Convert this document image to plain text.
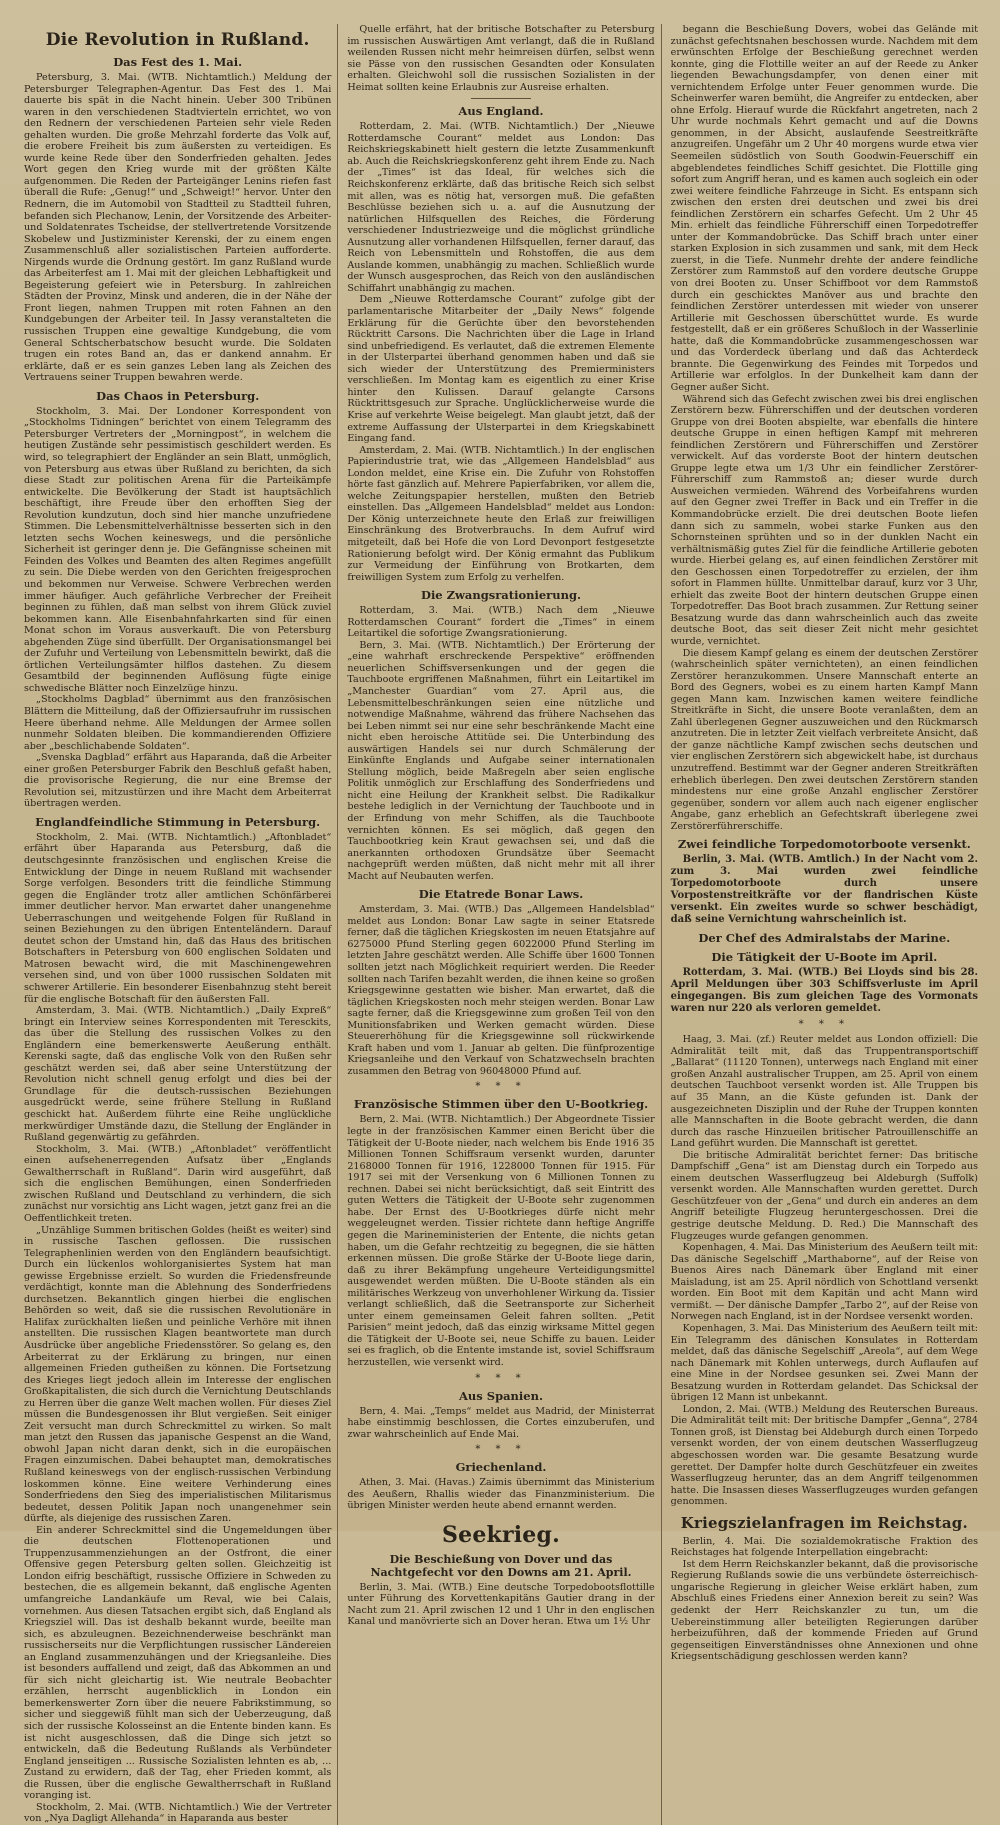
Die Revolution in Rußland.
Das Fest des 1. Mai.

Petersburg, 3. Mai. (WTB. Nichtamtlich.) Meldung der Petersburger Telegraphen-Agentur. Das Fest des 1. Mai dauerte bis spät in die Nacht hinein. Ueber 300 Tribünen waren in den verschiedenen Stadtvierteln errichtet, wo von den Rednern der verschiedenen Parteien sehr viele Reden gehalten wurden. Die große Mehrzahl forderte das Volk auf, die erobere Freiheit bis zum äußersten zu verteidigen. Es wurde keine Rede über den Sonderfrieden gehalten. Jedes Wort gegen den Krieg wurde mit der größten Kälte aufgenommen. Die Reden der Parteigänger Lenins riefen fast überall die Rufe: „Genug!“ und „Schweigt!“ hervor. Unter den Rednern, die im Automobil von Stadtteil zu Stadtteil fuhren, befanden sich Plechanow, Lenin, der Vorsitzende des Arbeiter- und Soldatenrates Tscheidse, der stellvertretende Vorsitzende Skobelew und Justizminister Kerenski, der zu einem engen Zusammenschluß aller sozialistischen Parteien aufforderte. Nirgends wurde die Ordnung gestört. Im ganz Rußland wurde das Arbeiterfest am 1. Mai mit der gleichen Lebhaftigkeit und Begeisterung gefeiert wie in Petersburg. In zahlreichen Städten der Provinz, Minsk und anderen, die in der Nähe der Front liegen, nahmen Truppen mit roten Fahnen an den Kundgebungen der Arbeiter teil. In Jassy veranstalteten die russischen Truppen eine gewaltige Kundgebung, die vom General Schtscherbatschow besucht wurde. Die Soldaten trugen ein rotes Band an, das er dankend annahm. Er erklärte, daß er es sein ganzes Leben lang als Zeichen des Vertrauens seiner Truppen bewahren werde.

Das Chaos in Petersburg.

Stockholm, 3. Mai. Der Londoner Korrespondent von „Stockholms Tidningen“ berichtet von einem Telegramm des Petersburger Vertreters der „Morningpost“, in welchem die heutigen Zustände sehr pessimistisch geschildert werden. Es wird, so telegraphiert der Engländer an sein Blatt, unmöglich, von Petersburg aus etwas über Rußland zu berichten, da sich diese Stadt zur politischen Arena für die Parteikämpfe entwickelte. Die Bevölkerung der Stadt ist hauptsächlich beschäftigt, ihre Freude über den erhofften Sieg der Revolution kundzutun, doch sind hier manche unzufriedene Stimmen. Die Lebensmittelverhältnisse besserten sich in den letzten sechs Wochen keineswegs, und die persönliche Sicherheit ist geringer denn je. Die Gefängnisse scheinen mit Feinden des Volkes und Beamten des alten Regimes angefüllt zu sein. Die Diebe werden von den Gerichten freigesprochen und bekommen nur Verweise. Schwere Verbrechen werden immer häufiger. Auch gefährliche Verbrecher der Freiheit beginnen zu fühlen, daß man selbst von ihrem Glück zuviel bekommen kann. Alle Eisenbahnfahrkarten sind für einen Monat schon im Voraus ausverkauft. Die von Petersburg abgehenden Züge sind überfüllt. Der Organisationsmangel bei der Zufuhr und Verteilung von Lebensmitteln bewirkt, daß die örtlichen Verteilungsämter hilflos dastehen. Zu diesem Gesamtbild der beginnenden Auflösung fügte einige schwedische Blätter noch Einzelzüge hinzu.

„Stockholms Dagblad“ übernimmt aus den französischen Blättern die Mitteilung, daß der Offiziersaufruhr im russischen Heere überhand nehme. Alle Meldungen der Armee sollen nunmehr Soldaten bleiben. Die kommandierenden Offiziere aber „beschlichabende Soldaten“.

„Svenska Dagblad“ erfährt aus Haparanda, daß die Arbeiter einer großen Petersburger Fabrik den Beschluß gefaßt haben, die provisorische Regierung, die nur eine Bremse der Revolution sei, mitzustürzen und ihre Macht dem Arbeiterrat übertragen werden.

Englandfeindliche Stimmung in Petersburg.

Stockholm, 2. Mai. (WTB. Nichtamtlich.) „Aftonbladet“ erfährt über Haparanda aus Petersburg, daß die deutschgesinnte französischen und englischen Kreise die Entwicklung der Dinge in neuem Rußland mit wachsender Sorge verfolgen. Besonders tritt die feindliche Stimmung gegen die Engländer trotz aller amtlichen Schönfärberei immer deutlicher hervor. Man erwartet daher unangenehme Ueberraschungen und weitgehende Folgen für Rußland in seinen Beziehungen zu den übrigen Ententeländern. Darauf deutet schon der Umstand hin, daß das Haus des britischen Botschafters in Petersburg von 600 englischen Soldaten und Matrosen bewacht wird, die mit Maschinengewehren versehen sind, und von über 1000 russischen Soldaten mit schwerer Artillerie. Ein besonderer Eisenbahnzug steht bereit für die englische Botschaft für den äußersten Fall.

Amsterdam, 3. Mai. (WTB. Nichtamtlich.) „Daily Expreß“ bringt ein Interview seines Korrespondenten mit Teresckits, das über die Stellung des russischen Volkes zu den Engländern eine bemerkenswerte Aeußerung enthält. Kerenski sagte, daß das englische Volk von den Rußen sehr geschätzt werden sei, daß aber seine Unterstützung der Revolution nicht schnell genug erfolgt und dies bei der Grundlage für die deutsch-russischen Beziehungen ausgedrückt werde, seine frühere Stellung in Rußland geschickt hat. Außerdem führte eine Reihe unglückliche merkwürdiger Umstände dazu, die Stellung der Engländer in Rußland gegenwärtig zu gefährden.

Stockholm, 3. Mai. (WTB.) „Aftonbladet“ veröffentlicht einen aufsehenerregenden Aufsatz über „Englands Gewaltherrschaft in Rußland“. Darin wird ausgeführt, daß sich die englischen Bemühungen, einen Sonderfrieden zwischen Rußland und Deutschland zu verhindern, die sich zunächst nur vorsichtig ans Licht wagen, jetzt ganz frei an die Oeffentlichkeit treten.

„Unzählige Summen britischen Goldes (heißt es weiter) sind in russische Taschen geflossen. Die russischen Telegraphenlinien werden von den Engländern beaufsichtigt. Durch ein lückenlos wohlorganisiertes System hat man gewisse Ergebnisse erzielt. So wurden die Friedensfreunde verdächtigt, konnte man die Ablehnung des Sonderfriedens durchsetzen. Bekanntlich gingen hierbei die englischen Behörden so weit, daß sie die russischen Revolutionäre in Halifax zurückhalten ließen und peinliche Verhöre mit ihnen anstellten. Die russischen Klagen beantwortete man durch Ausdrücke über angebliche Friedensstörer. So gelang es, den Arbeiterrat zu der Erklärung zu bringen, nur einen allgemeinen Frieden gutheißen zu können. Die Fortsetzung des Krieges liegt jedoch allein im Interesse der englischen Großkapitalisten, die sich durch die Vernichtung Deutschlands zu Herren über die ganze Welt machen wollen. Für dieses Ziel müssen die Bundesgenossen ihr Blut vergießen. Seit einiger Zeit versucht man durch Schreckmittel zu wirken. So malt man jetzt den Russen das japanische Gespenst an die Wand, obwohl Japan nicht daran denkt, sich in die europäischen Fragen einzumischen. Dabei behauptet man, demokratisches Rußland keineswegs von der englisch-russischen Verbindung loskommen könne. Eine weitere Verhinderung eines Sonderfriedens den Sieg des imperialistischen Militarismus bedeutet, dessen Politik Japan noch unangenehmer sein dürfte, als diejenige des russischen Zaren.

Ein anderer Schreckmittel sind die Ungemeldungen über die deutschen Flottenoperationen und Truppenzusammenziehungen an der Ostfront, die einer Offensive gegen Petersburg gelten sollen. Gleichzeitig ist London eifrig beschäftigt, russische Offiziere in Schweden zu bestechen, die es allgemein bekannt, daß englische Agenten umfangreiche Landankäufe um Reval, wie bei Calais, vornehmen. Aus diesen Tatsachen ergibt sich, daß England als Kriegsziel will. Das ist deshalb bekannt wurde, beeilte man sich, es abzuleugnen. Bezeichnenderweise beschränkt man russischerseits nur die Verpflichtungen russischer Ländereien an England zusammenzuhängen und der Kriegsanleihe. Dies ist besonders auffallend und zeigt, daß das Abkommen an und für sich nicht gleichartig ist. Wie neutrale Beobachter erzählen, herrscht augenblicklich in London ein bemerkenswerter Zorn über die neuere Fabrikstimmung, so sicher und sieggewiß fühlt man sich der Ueberzeugung, daß sich der russische Kolosseinst an die Entente binden kann. Es ist nicht ausgeschlossen, daß die Dinge sich jetzt so entwickeln, daß die Bedeutung Rußlands als Verbündeter England jenseitigen ... Russische Sozialisten lehnten es ab, ... Zustand zu erwidern, daß der Tag, eher Frieden kommt, als die Russen, über die englische Gewaltherrschaft in Rußland voranging ist.

Stockholm, 2. Mai. (WTB. Nichtamtlich.) Wie der Vertreter von „Nya Dagligt Allehanda“ in Haparanda aus bester

Quelle erfährt, hat der britische Botschafter zu Petersburg im russischen Auswärtigen Amt verlangt, daß die in Rußland weilenden Russen nicht mehr heimreisen dürfen, selbst wenn sie Pässe von den russischen Gesandten oder Konsulaten erhalten. Gleichwohl soll die russischen Sozialisten in der Heimat sollten keine Erlaubnis zur Ausreise erhalten.

Aus England.

Rotterdam, 2. Mai. (WTB. Nichtamtlich.) Der „Nieuwe Rotterdamsche Courant“ meldet aus London: Das Reichskriegskabinett hielt gestern die letzte Zusammenkunft ab. Auch die Reichskriegskonferenz geht ihrem Ende zu. Nach der „Times“ ist das Ideal, für welches sich die Reichskonferenz erklärte, daß das britische Reich sich selbst mit allen, was es nötig hat, versorgen muß. Die gefaßten Beschlüsse beziehen sich u. a. auf die Ausnutzung der natürlichen Hilfsquellen des Reiches, die Förderung verschiedener Industriezweige und die möglichst gründliche Ausnutzung aller vorhandenen Hilfsquellen, ferner darauf, das Reich von Lebensmitteln und Rohstoffen, die aus dem Auslande kommen, unabhängig zu machen. Schließlich wurde der Wunsch ausgesprochen, das Reich von den ausländischen Schiffahrt unabhängig zu machen.

Dem „Nieuwe Rotterdamsche Courant“ zufolge gibt der parlamentarische Mitarbeiter der „Daily News“ folgende Erklärung für die Gerüchte über den bevorstehenden Rücktritt Carsons. Die Nachrichten über die Lage in Irland sind unbefriedigend. Es verlautet, daß die extremen Elemente in der Ulsterpartei überhand genommen haben und daß sie sich wieder der Unterstützung des Premierministers verschließen. Im Montag kam es eigentlich zu einer Krise hinter den Kulissen. Darauf gelangte Carsons Rücktrittsgesuch zur Sprache. Unglücklicherweise wurde die Krise auf verkehrte Weise beigelegt. Man glaubt jetzt, daß der extreme Auffassung der Ulsterpartei in dem Kriegskabinett Eingang fand.

Amsterdam, 2. Mai. (WTB. Nichtamtlich.) In der englischen Papierindustrie trat, wie das „Allgemeen Handelsblad“ aus London meldet, eine Krise ein. Die Zufuhr von Rohstoffen hörte fast gänzlich auf. Mehrere Papierfabriken, vor allem die, welche Zeitungspapier herstellen, mußten den Betrieb einstellen. Das „Allgemeen Handelsblad“ meldet aus London: Der König unterzeichnete heute den Erlaß zur freiwilligen Einschränkung des Brotverbrauchs. In dem Aufruf wird mitgeteilt, daß bei Hofe die von Lord Devonport festgesetzte Rationierung befolgt wird. Der König ermahnt das Publikum zur Vermeidung der Einführung von Brotkarten, dem freiwilligen System zum Erfolg zu verhelfen.

Die Zwangsrationierung.

Rotterdam, 3. Mai. (WTB.) Nach dem „Nieuwe Rotterdamschen Courant“ fordert die „Times“ in einem Leitartikel die sofortige Zwangsrationierung.

Bern, 3. Mai. (WTB. Nichtamtlich.) Der Erörterung der „eine wahrhaft erschreckende Perspektive“ eröffnenden neuerlichen Schiffsversenkungen und der gegen die Tauchboote ergriffenen Maßnahmen, führt ein Leitartikel im „Manchester Guardian“ vom 27. April aus, die Lebensmittelbeschränkungen seien eine nützliche und notwendige Maßnahme, während das frühere Nachsehen das bei Leben nimmt sei nur eine sehr beschränkende Macht eine nicht eben heroische Attitüde sei. Die Unterbindung des auswärtigen Handels sei nur durch Schmälerung der Einkünfte Englands und Aufgabe seiner internationalen Stellung möglich, beide Maßregeln aber seien englische Politik unmöglich zur Erschlaffung des Sonderfriedens und nicht eine Heilung der Krankheit selbst. Die Radikalkur bestehe lediglich in der Vernichtung der Tauchboote und in der Erfindung von mehr Schiffen, als die Tauchboote vernichten können. Es sei möglich, daß gegen den Tauchbootkrieg kein Kraut gewachsen sei, und daß die anerkannten orthodoxen Grundsätze über Seemacht nachgeprüft werden müßten, daß nicht mehr mit all ihrer Macht auf Neubauten werfen.

Die Etatrede Bonar Laws.

Amsterdam, 3. Mai. (WTB.) Das „Allgemeen Handelsblad“ meldet aus London: Bonar Law sagte in seiner Etatsrede ferner, daß die täglichen Kriegskosten im neuen Etatsjahre auf 6275000 Pfund Sterling gegen 6022000 Pfund Sterling im letzten Jahre geschätzt werden. Alle Schiffe über 1600 Tonnen sollten jetzt nach Möglichkeit requiriert werden. Die Reeder sollten nach Tarifen bezahlt werden, die ihnen keine so großen Kriegsgewinne gestatten wie bisher. Man erwartet, daß die täglichen Kriegskosten noch mehr steigen werden. Bonar Law sagte ferner, daß die Kriegsgewinne zum großen Teil von den Munitionsfabriken und Werken gemacht würden. Diese Steuererhöhung für die Kriegsgewinne soll rückwirkende Kraft haben und vom 1. Januar ab gelten. Die fünfprozentige Kriegsanleihe und den Verkauf von Schatzwechseln brachten zusammen den Betrag von 96048000 Pfund auf.

* * *
Französische Stimmen über den U-Bootkrieg.

Bern, 2. Mai. (WTB. Nichtamtlich.) Der Abgeordnete Tissier legte in der französischen Kammer einen Bericht über die Tätigkeit der U-Boote nieder, nach welchem bis Ende 1916 35 Millionen Tonnen Schiffsraum versenkt wurden, darunter 2168000 Tonnen für 1916, 1228000 Tonnen für 1915. Für 1917 sei mit der Versenkung von 6 Millionen Tonnen zu rechnen. Dabei sei nicht berücksichtigt, daß seit Eintritt des guten Wetters die Tätigkeit der U-Boote sehr zugenommen habe. Der Ernst des U-Bootkrieges dürfe nicht mehr weggeleugnet werden. Tissier richtete dann heftige Angriffe gegen die Marineministerien der Entente, die nichts getan haben, um die Gefahr rechtzeitig zu begegnen, die sie hätten erkennen müssen. Die große Stärke der U-Boote liege darin, daß zu ihrer Bekämpfung ungeheure Verteidigungsmittel ausgewendet werden müßten. Die U-Boote ständen als ein militärisches Werkzeug von unverhohlener Wirkung da. Tissier verlangt schließlich, daß die Seetransporte zur Sicherheit unter einem gemeinsamen Geleit fahren sollten. „Petit Parisien“ meint jedoch, daß das einzig wirksame Mittel gegen die Tätigkeit der U-Boote sei, neue Schiffe zu bauen. Leider sei es fraglich, ob die Entente imstande ist, soviel Schiffsraum herzustellen, wie versenkt wird.

* * *
Aus Spanien.

Bern, 4. Mai. „Temps“ meldet aus Madrid, der Ministerrat habe einstimmig beschlossen, die Cortes einzuberufen, und zwar wahrscheinlich auf Ende Mai.

* * *
Griechenland.

Athen, 3. Mai. (Havas.) Zaimis übernimmt das Ministerium des Aeußern, Rhallis wieder das Finanzministerium. Die übrigen Minister werden heute abend ernannt werden.

Seekrieg.
Die Beschießung von Dover und das Nachtgefecht vor den Downs am 21. April.

Berlin, 3. Mai. (WTB.) Eine deutsche Torpedobootsflottille unter Führung des Korvettenkapitäns Gautier drang in der Nacht zum 21. April zwischen 12 und 1 Uhr in den englischen Kanal und manövrierte sich an Dover heran. Etwa um 1½ Uhr

begann die Beschießung Dovers, wobei das Gelände mit zunächst gefechtsnahen beschossen wurde. Nachdem mit dem erwünschten Erfolge der Beschießung gerechnet werden konnte, ging die Flottille weiter an auf der Reede zu Anker liegenden Bewachungsdampfer, von denen einer mit vernichtendem Erfolge unter Feuer genommen wurde. Die Scheinwerfer waren bemüht, die Angreifer zu entdecken, aber ohne Erfolg. Hierauf wurde die Rückfahrt angetreten, nach 2 Uhr wurde nochmals Kehrt gemacht und auf die Downs genommen, in der Absicht, auslaufende Seestreitkräfte anzugreifen. Ungefähr um 2 Uhr 40 morgens wurde etwa vier Seemeilen südöstlich von South Goodwin-Feuerschiff ein abgeblendetes feindliches Schiff gesichtet. Die Flottille ging sofort zum Angriff heran, und es kamen auch sogleich ein oder zwei weitere feindliche Fahrzeuge in Sicht. Es entspann sich zwischen den ersten drei deutschen und zwei bis drei feindlichen Zerstörern ein scharfes Gefecht. Um 2 Uhr 45 Min. erhielt das feindliche Führerschiff einen Torpedotreffer unter der Kommandobrücke. Das Schiff brach unter einer starken Explosion in sich zusammen und sank, mit dem Heck zuerst, in die Tiefe. Nunmehr drehte der andere feindliche Zerstörer zum Rammstoß auf den vordere deutsche Gruppe von drei Booten zu. Unser Schiffboot vor dem Rammstoß durch ein geschicktes Manöver aus und brachte den feindlichen Zerstörer unterdessen mit wieder von unserer Artillerie mit Geschossen überschüttet wurde. Es wurde festgestellt, daß er ein größeres Schußloch in der Wasserlinie hatte, daß die Kommandobrücke zusammengeschossen war und das Vorderdeck überlang und daß das Achterdeck brannte. Die Gegenwirkung des Feindes mit Torpedos und Artillerie war erfolglos. In der Dunkelheit kam dann der Gegner außer Sicht.

Während sich das Gefecht zwischen zwei bis drei englischen Zerstörern bezw. Führerschiffen und der deutschen vorderen Gruppe von drei Booten abspielte, war ebenfalls die hintere deutsche Gruppe in einen heftigen Kampf mit mehreren feindlichen Zerstörern und Führerschiffen und Zerstörer verwickelt. Auf das vorderste Boot der hintern deutschen Gruppe legte etwa um 1/3 Uhr ein feindlicher Zerstörer-Führerschiff zum Rammstoß an; dieser wurde durch Ausweichen vermieden. Während des Vorbeifahrens wurden auf den Gegner zwei Treffer in Back und ein Treffer in die Kommandobrücke erzielt. Die drei deutschen Boote liefen dann sich zu sammeln, wobei starke Funken aus den Schornsteinen sprühten und so in der dunklen Nacht ein verhältnismäßig gutes Ziel für die feindliche Artillerie geboten wurde. Hierbei gelang es, auf einen feindlichen Zerstörer mit den Geschossen einen Torpedotreffer zu erzielen, der ihm sofort in Flammen hüllte. Unmittelbar darauf, kurz vor 3 Uhr, erhielt das zweite Boot der hintern deutschen Gruppe einen Torpedotreffer. Das Boot brach zusammen. Zur Rettung seiner Besatzung wurde das dann wahrscheinlich auch das zweite deutsche Boot, das seit dieser Zeit nicht mehr gesichtet wurde, vernichtet.

Die diesem Kampf gelang es einem der deutschen Zerstörer (wahrscheinlich später vernichteten), an einen feindlichen Zerstörer heranzukommen. Unsere Mannschaft enterte an Bord des Gegners, wobei es zu einem harten Kampf Mann gegen Mann kam. Inzwischen kamen weitere feindliche Streitkräfte in Sicht, die unsere Boote veranlaßten, dem an Zahl überlegenen Gegner auszuweichen und den Rückmarsch anzutreten. Die in letzter Zeit vielfach verbreitete Ansicht, daß der ganze nächtliche Kampf zwischen sechs deutschen und vier englischen Zerstörern sich abgewickelt habe, ist durchaus unzutreffend. Bestimmt war der Gegner anderen Streitkräften erheblich überlegen. Den zwei deutschen Zerstörern standen mindestens nur eine große Anzahl englischer Zerstörer gegenüber, sondern vor allem auch nach eigener englischer Angabe, ganz erheblich an Gefechtskraft überlegene zwei Zerstörerführerschiffe.

Zwei feindliche Torpedomotorboote versenkt.

Berlin, 3. Mai. (WTB. Amtlich.) In der Nacht vom 2. zum 3. Mai wurden zwei feindliche Torpedomotorboote durch unsere Vorpostenstreitkräfte vor der flandrischen Küste versenkt. Ein zweites wurde so schwer beschädigt, daß seine Vernichtung wahrscheinlich ist.

Der Chef des Admiralstabs der Marine.
Die Tätigkeit der U-Boote im April.

Rotterdam, 3. Mai. (WTB.) Bei Lloyds sind bis 28. April Meldungen über 303 Schiffsverluste im April eingegangen. Bis zum gleichen Tage des Vormonats waren nur 220 als verloren gemeldet.

* * *

Haag, 3. Mai. (zf.) Reuter meldet aus London offiziell: Die Admiralität teilt mit, daß das Truppentransportschiff „Ballarat“ (11120 Tonnen), unterwegs nach England mit einer großen Anzahl australischer Truppen, am 25. April von einem deutschen Tauchboot versenkt worden ist. Alle Truppen bis auf 35 Mann, an die Küste gefunden ist. Dank der ausgezeichneten Disziplin und der Ruhe der Truppen konnten alle Mannschaften in die Boote gebracht werden, die dann durch das rasche Hinzueilen britischer Patrouillenschiffe an Land geführt wurden. Die Mannschaft ist gerettet.

Die britische Admiralität berichtet ferner: Das britische Dampfschiff „Gena“ ist am Dienstag durch ein Torpedo aus einem deutschen Wasserflugzeug bei Aldeburgh (Suffolk) versenkt worden. Alle Mannschaften wurden gerettet. Durch Geschützfeuer von der „Gena“ und durch ein anderes an dem Angriff beteiligte Flugzeug heruntergeschossen. Drei die gestrige deutsche Meldung. D. Red.) Die Mannschaft des Flugzeuges wurde gefangen genommen.

Kopenhagen, 4. Mai. Das Ministerium des Aeußern teilt mit: Das dänische Segelschiff „Marthaborne“, auf der Reise von Buenos Aires nach Dänemark über England mit einer Maisladung, ist am 25. April nördlich von Schottland versenkt worden. Ein Boot mit dem Kapitän und acht Mann wird vermißt. — Der dänische Dampfer „Tarbo 2“, auf der Reise von Norwegen nach England, ist in der Nordsee versenkt worden.

Kopenhagen, 3. Mai. Das Ministerium des Aeußern teilt mit: Ein Telegramm des dänischen Konsulates in Rotterdam meldet, daß das dänische Segelschiff „Areola“, auf dem Wege nach Dänemark mit Kohlen unterwegs, durch Auflaufen auf eine Mine in der Nordsee gesunken sei. Zwei Mann der Besatzung wurden in Rotterdam gelandet. Das Schicksal der übrigen 12 Mann ist unbekannt.

London, 2. Mai. (WTB.) Meldung des Reuterschen Bureaus. Die Admiralität teilt mit: Der britische Dampfer „Genna“, 2784 Tonnen groß, ist Dienstag bei Aldeburgh durch einen Torpedo versenkt worden, der von einem deutschen Wasserflugzeug abgeschossen worden war. Die gesamte Besatzung wurde gerettet. Der Dampfer holte durch Geschützfeuer ein zweites Wasserflugzeug herunter, das an dem Angriff teilgenommen hatte. Die Insassen dieses Wasserflugzeuges wurden gefangen genommen.

Kriegszielanfragen im Reichstag.

Berlin, 4. Mai. Die sozialdemokratische Fraktion des Reichstages hat folgende Interpellation eingebracht:

Ist dem Herrn Reichskanzler bekannt, daß die provisorische Regierung Rußlands sowie die uns verbündete österreichisch-ungarische Regierung in gleicher Weise erklärt haben, zum Abschluß eines Friedens einer Annexion bereit zu sein? Was gedenkt der Herr Reichskanzler zu tun, um die Uebereinstimmung aller beteiligten Regierungen darüber herbeizuführen, daß der kommende Frieden auf Grund gegenseitigen Einverständnisses ohne Annexionen und ohne Kriegsentschädigung geschlossen werden kann?
